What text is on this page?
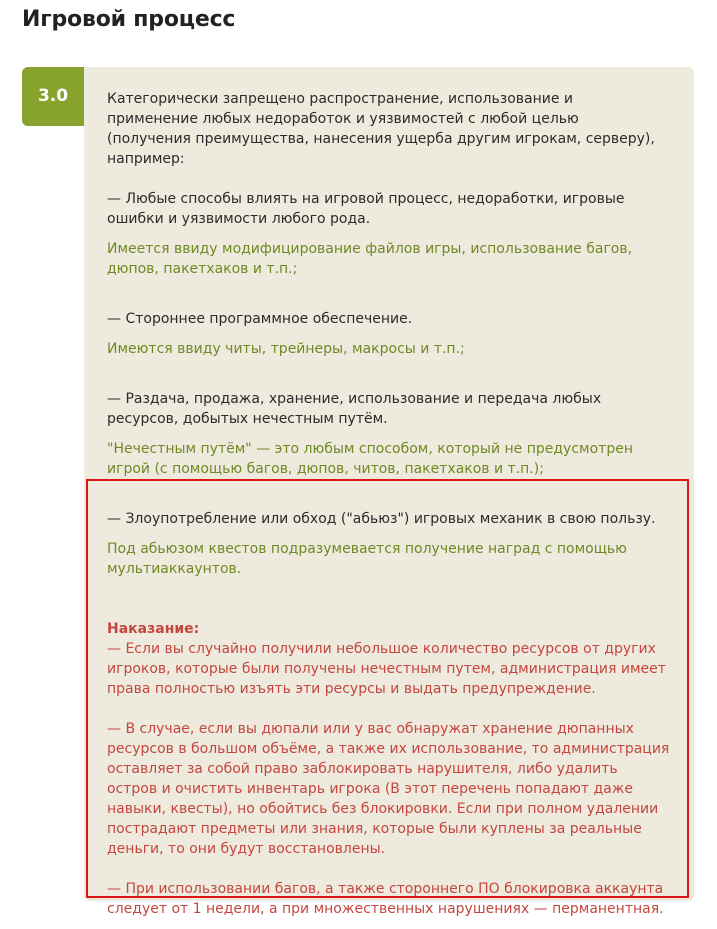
Игровой процесс
3.0	Категорически запрещено распространение, использование и
применение любых недоработок и уязвимостей с любой целью
(получения преимущества, нанесения ущерба другим игрокам, серверу),
например:

— Любые способы влиять на игровой процесс, недоработки, игровые
ошибки и уязвимости любого рода.

Имеется ввиду модифицирование файлов игры, использование багов,
дюпов, пакетхаков и т.п.;

— Стороннее программное обеспечение.

Имеются ввиду читы, трейнеры, макросы и т.п.;

— Раздача, продажа, хранение, использование и передача любых
ресурсов, добытых нечестным путём.

"Нечестным путём" — это любым способом, который не предусмотрен
игрой (с помощью багов, дюпов, читов, пакетхаков и т.п.);

— Злоупотребление или обход ("абьюз") игровых механик в свою пользу.

Под абьюзом квестов подразумевается получение наград с помощью
мультиаккаунтов.

Наказание:
— Если вы случайно получили небольшое количество ресурсов от других
игроков, которые были получены нечестным путем, администрация имеет
права полностью изъять эти ресурсы и выдать предупреждение.

— В случае, если вы дюпали или у вас обнаружат хранение дюпанных
ресурсов в большом объёме, а также их использование, то администрация
оставляет за собой право заблокировать нарушителя, либо удалить
остров и очистить инвентарь игрока (В этот перечень попадают даже
навыки, квесты), но обойтись без блокировки. Если при полном удалении
пострадают предметы или знания, которые были куплены за реальные
деньги, то они будут восстановлены.

— При использовании багов, а также стороннего ПО блокировка аккаунта
следует от 1 недели, а при множественных нарушениях — перманентная.
